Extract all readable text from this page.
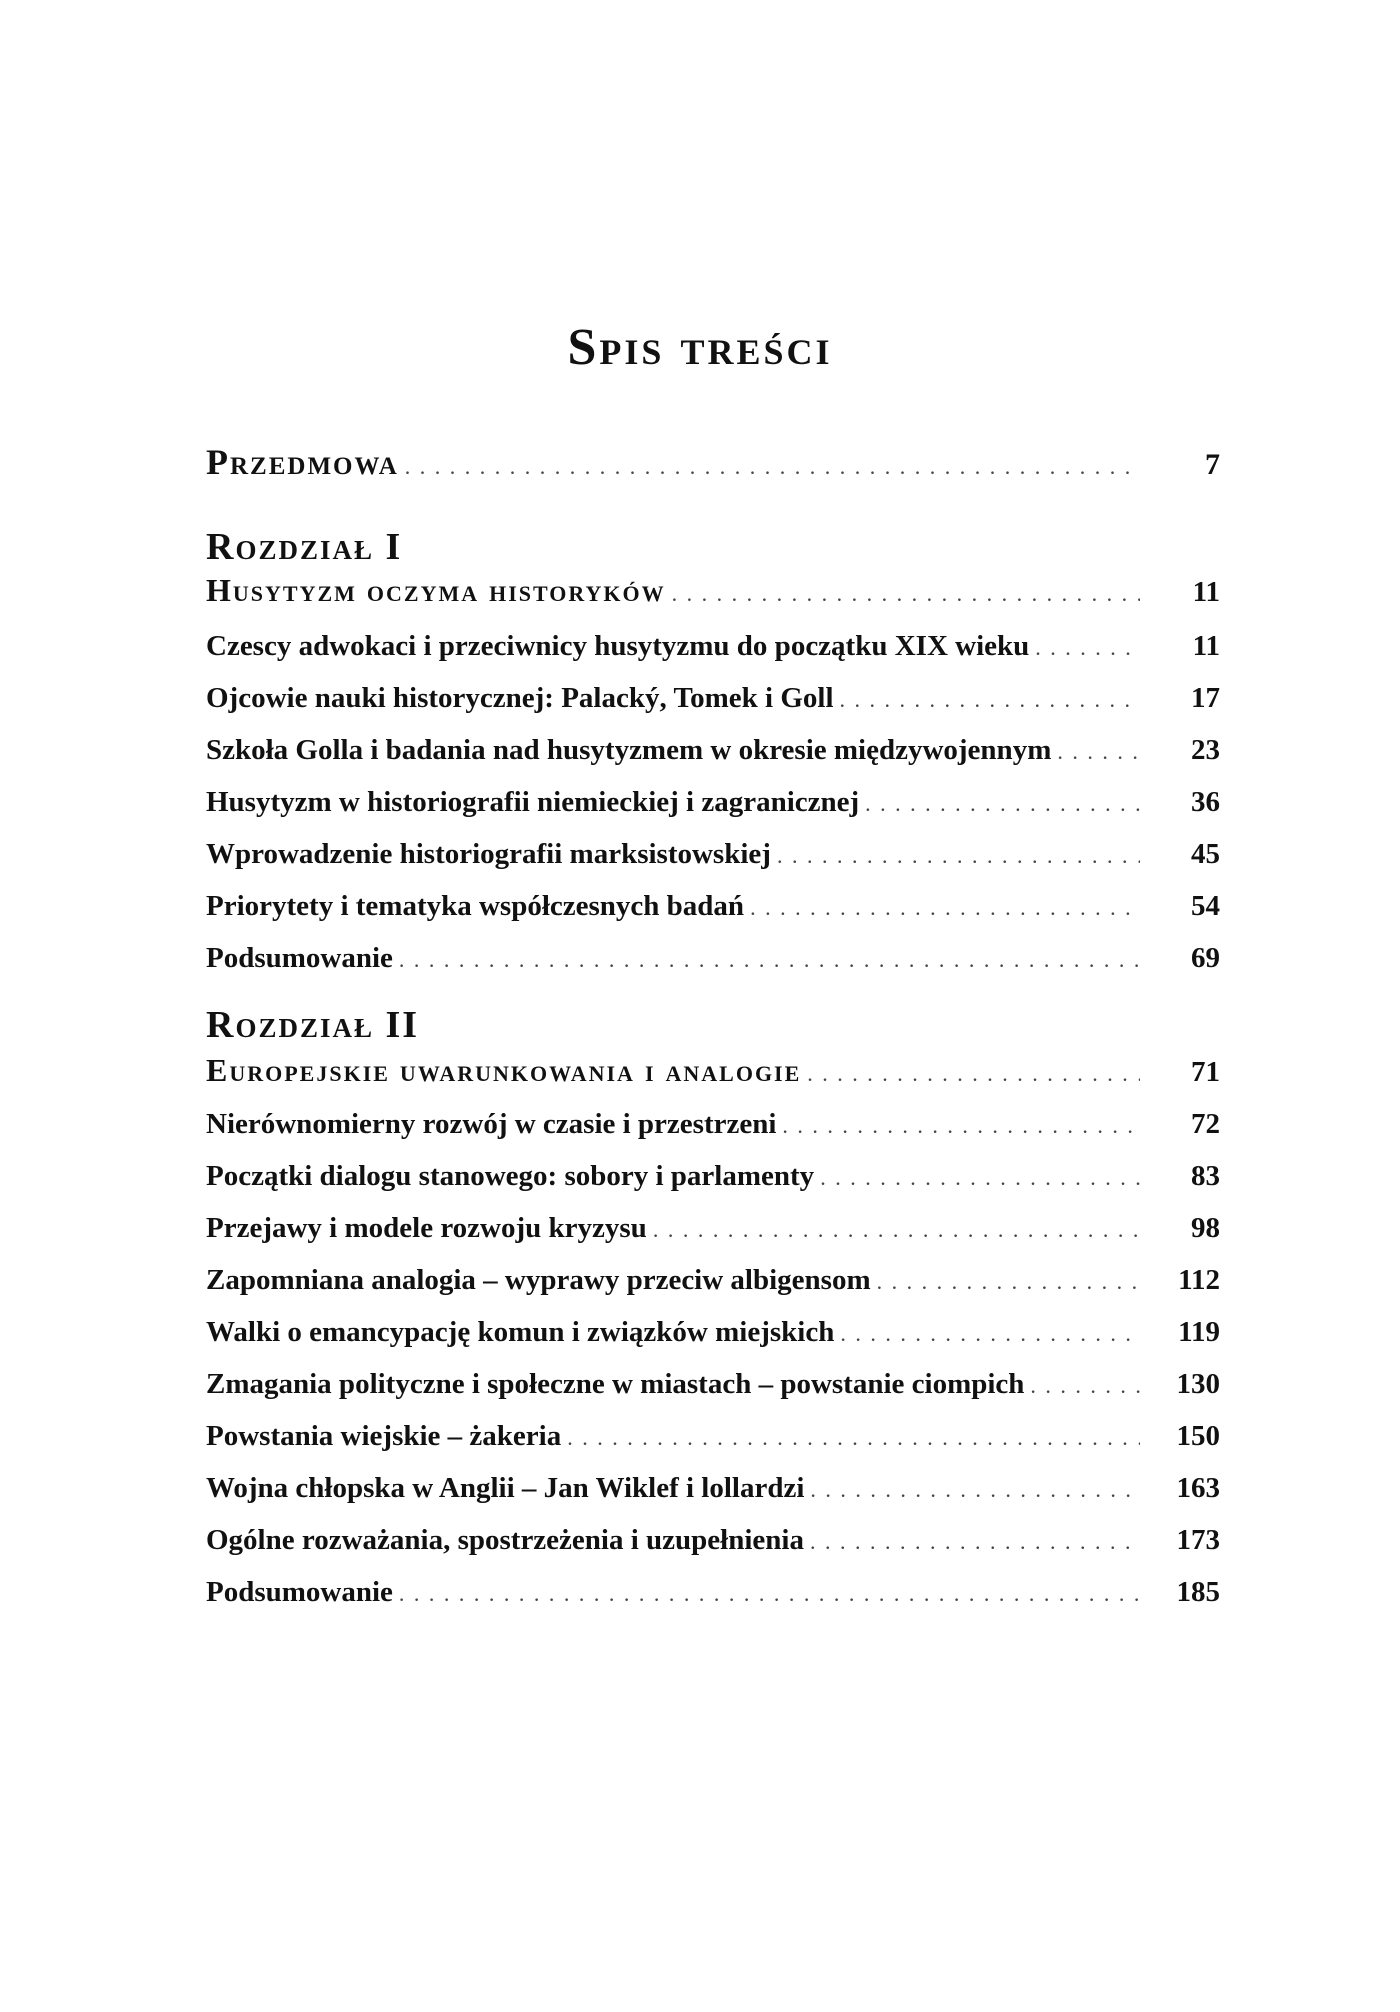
Spis treści
Przedmowa . . .	7
Rozdział I
Husytyzm oczyma historyków . . .	11
Czescy adwokaci i przeciwnicy husytyzmu do początku XIX wieku . . .	11
Ojcowie nauki historycznej: Palacký, Tomek i Goll . . .	17
Szkoła Golla i badania nad husytyzmem w okresie międzywojennym . . .	23
Husytyzm w historiografii niemieckiej i zagranicznej . . .	36
Wprowadzenie historiografii marksistowskiej . . .	45
Priorytety i tematyka współczesnych badań . . .	54
Podsumowanie . . .	69
Rozdział II
Europejskie uwarunkowania i analogie . . .	71
Nierównomierny rozwój w czasie i przestrzeni . . .	72
Początki dialogu stanowego: sobory i parlamenty . . .	83
Przejawy i modele rozwoju kryzysu . . .	98
Zapomniana analogia – wyprawy przeciw albigensom . . .	112
Walki o emancypację komun i związków miejskich . . .	119
Zmagania polityczne i społeczne w miastach – powstanie ciompich . . .	130
Powstania wiejskie – żakeria . . .	150
Wojna chłopska w Anglii – Jan Wiklef i lollardzi . . .	163
Ogólne rozważania, spostrzeżenia i uzupełnienia . . .	173
Podsumowanie . . .	185
